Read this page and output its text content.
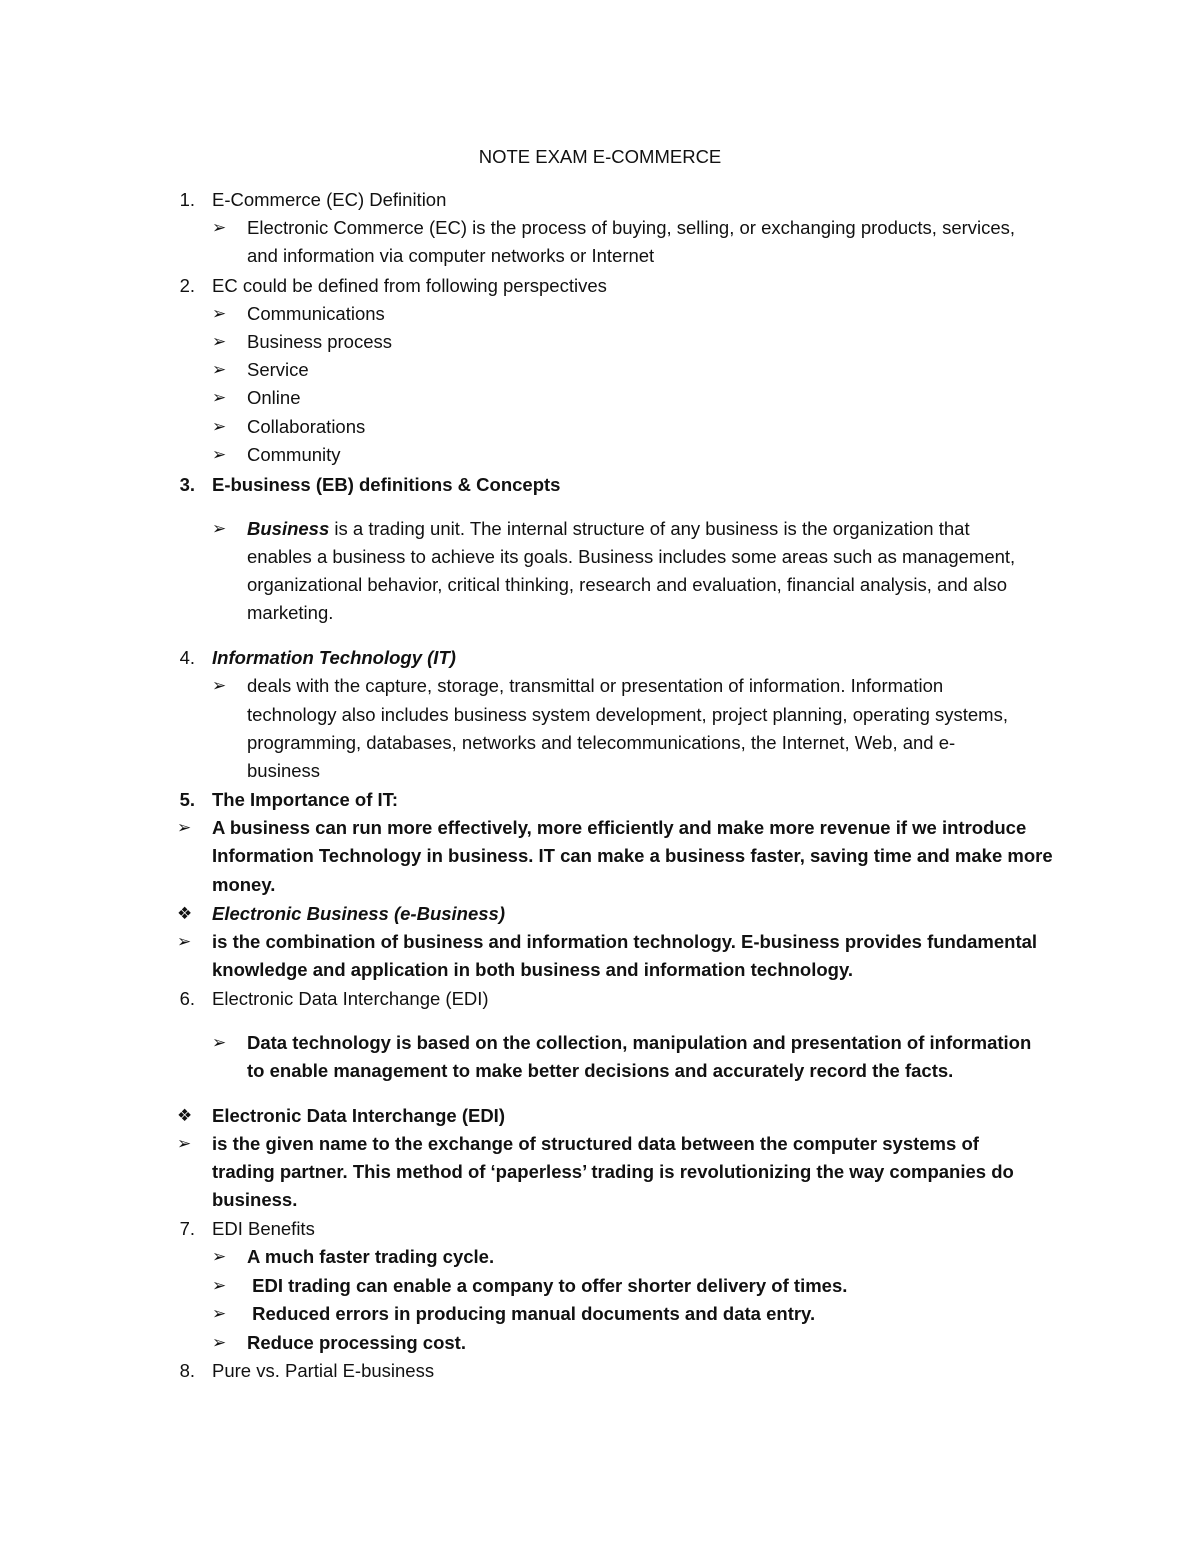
NOTE EXAM E-COMMERCE
1. E-Commerce (EC) Definition
➢ Electronic Commerce (EC) is the process of buying, selling, or exchanging products, services,
and information via computer networks or Internet
2. EC could be defined from following perspectives
➢ Communications
➢ Business process
➢ Service
➢ Online
➢ Collaborations
➢ Community
3. E-business (EB) definitions & Concepts
➢ Business is a trading unit. The internal structure of any business is the organization that
enables a business to achieve its goals. Business includes some areas such as management,
organizational behavior, critical thinking, research and evaluation, financial analysis, and also
marketing.
4. Information Technology (IT)
➢ deals with the capture, storage, transmittal or presentation of information. Information
technology also includes business system development, project planning, operating systems,
programming, databases, networks and telecommunications, the Internet, Web, and e-
business
5. The Importance of IT:
➢ A business can run more effectively, more efficiently and make more revenue if we introduce
Information Technology in business. IT can make a business faster, saving time and make more
money.
❖ Electronic Business (e-Business)
➢ is the combination of business and information technology. E-business provides fundamental
knowledge and application in both business and information technology.
6. Electronic Data Interchange (EDI)
➢ Data technology is based on the collection, manipulation and presentation of information
to enable management to make better decisions and accurately record the facts.
❖ Electronic Data Interchange (EDI)
➢ is the given name to the exchange of structured data between the computer systems of
trading partner. This method of ‘paperless’ trading is revolutionizing the way companies do
business.
7. EDI Benefits
➢ A much faster trading cycle.
➢ EDI trading can enable a company to offer shorter delivery of times.
➢ Reduced errors in producing manual documents and data entry.
➢ Reduce processing cost.
8. Pure vs. Partial E-business
